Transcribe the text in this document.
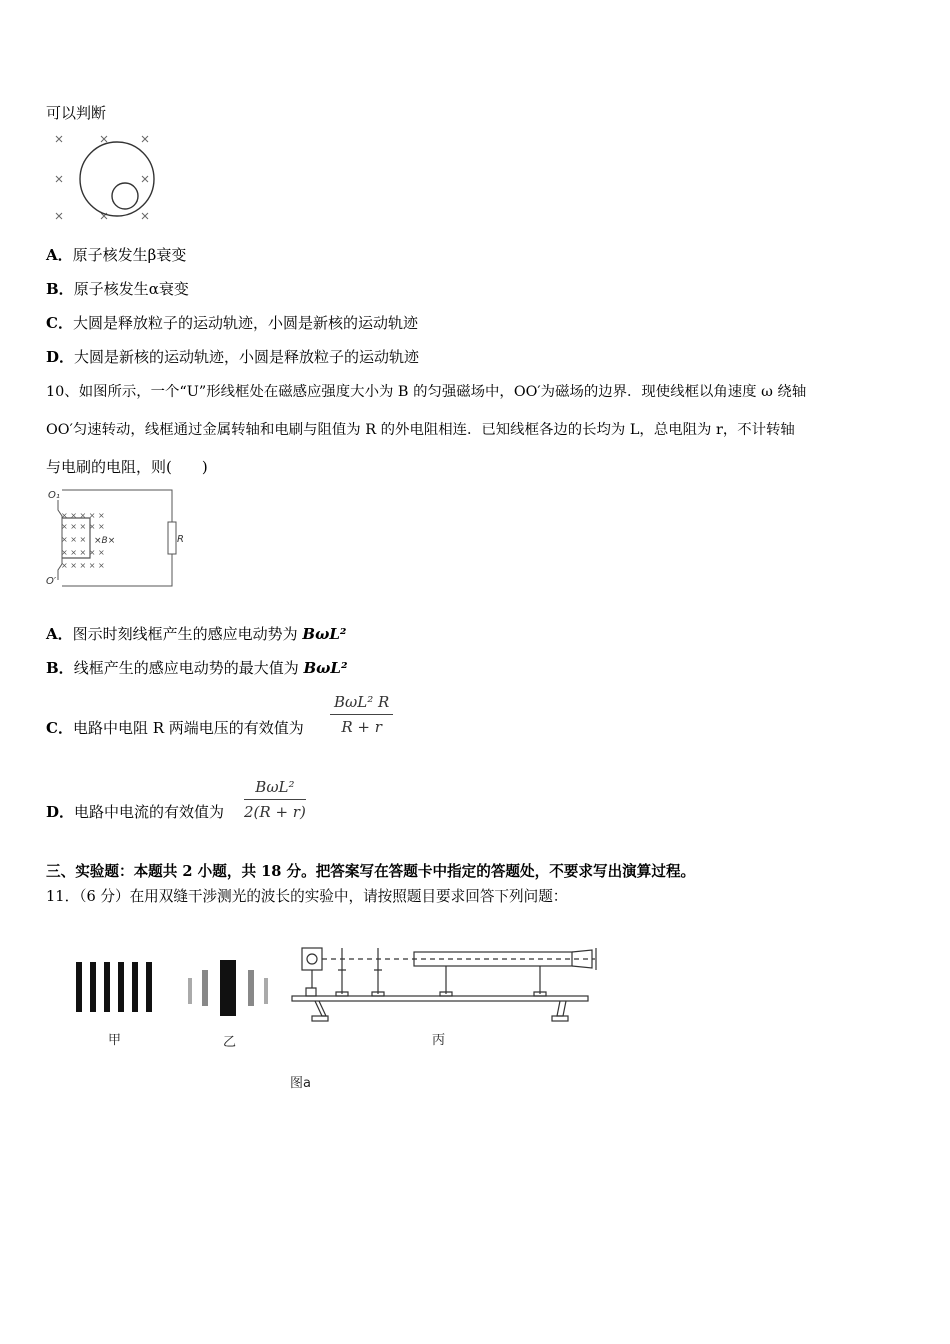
可以判断
A．原子核发生β衰变
B．原子核发生α衰变
C．大圆是释放粒子的运动轨迹，小圆是新核的运动轨迹
D．大圆是新核的运动轨迹，小圆是释放粒子的运动轨迹
10、如图所示，一个“U”形线框处在磁感应强度大小为 B 的匀强磁场中，OO′为磁场的边界．现使线框以角速度 ω 绕轴
OO′匀速转动，线框通过金属转轴和电刷与阻值为 R 的外电阻相连．已知线框各边的长均为 L，总电阻为 r，不计转轴
与电刷的电阻，则(　　)
O₁
O′
R
× × × × ×
× × × × ×
× × × × ×
× × × × ×
× × × ×B×
A．图示时刻线框产生的感应电动势为 BωL²
B．线框产生的感应电动势的最大值为 BωL²
C．电路中电阻 R 两端电压的有效值为
BωL² R
R + r
D．电路中电流的有效值为
BωL²
2(R + r)
三、实验题：本题共 2 小题，共 18 分。把答案写在答题卡中指定的答题处，不要求写出演算过程。
11．（6 分）在用双缝干涉测光的波长的实验中，请按照题目要求回答下列问题：
甲	乙	丙
图a
